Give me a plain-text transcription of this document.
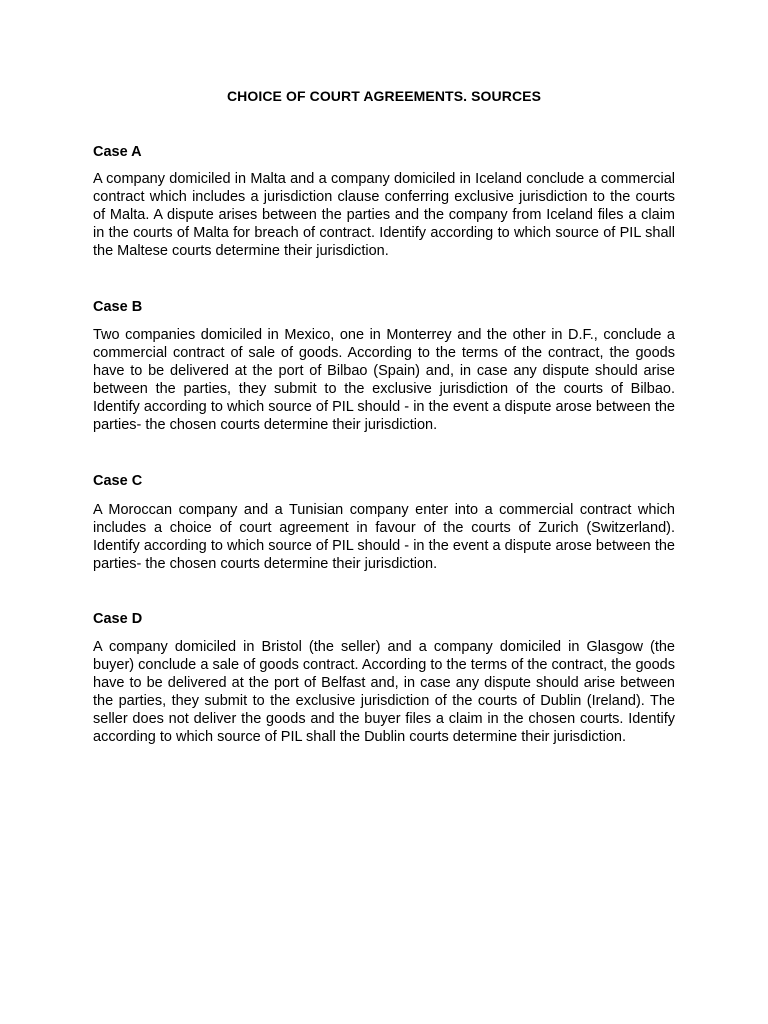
CHOICE OF COURT AGREEMENTS. SOURCES
Case A
A company domiciled in Malta and a company domiciled in Iceland conclude a commercial contract which includes a jurisdiction clause conferring exclusive jurisdiction to the courts of Malta. A dispute arises between the parties and the company from Iceland files a claim in the courts of Malta for breach of contract. Identify according to which source of PIL shall the Maltese courts determine their jurisdiction.
Case B
Two companies domiciled in Mexico, one in Monterrey and the other in D.F., conclude a commercial contract of sale of goods. According to the terms of the contract, the goods have to be delivered at the port of Bilbao (Spain) and, in case any dispute should arise between the parties, they submit to the exclusive jurisdiction of the courts of Bilbao. Identify according to which source of PIL should - in the event a dispute arose between the parties- the chosen courts determine their jurisdiction.
Case C
A Moroccan company and a Tunisian company enter into a commercial contract which includes a choice of court agreement in favour of the courts of Zurich (Switzerland). Identify according to which source of PIL should - in the event a dispute arose between the parties- the chosen courts determine their jurisdiction.
Case D
A company domiciled in Bristol (the seller) and a company domiciled in Glasgow (the buyer) conclude a sale of goods contract. According to the terms of the contract, the goods have to be delivered at the port of Belfast and, in case any dispute should arise between the parties, they submit to the exclusive jurisdiction of the courts of Dublin (Ireland). The seller does not deliver the goods and the buyer files a claim in the chosen courts. Identify according to which source of PIL shall the Dublin courts determine their jurisdiction.
